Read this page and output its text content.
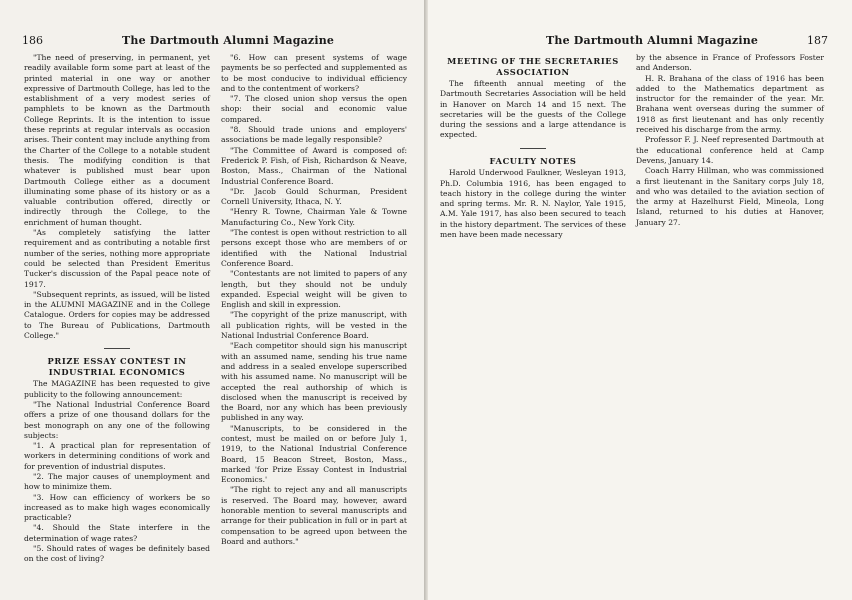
186	The Dartmouth Alumni Magazine

"The need of preserving, in permanent, yet readily available form some part at least of the printed material in one way or another expressive of Dartmouth College, has led to the establishment of a very modest series of pamphlets to be known as the Dartmouth College Reprints. It is the intention to issue these reprints at regular intervals as occasion arises. Their content may include anything from the Charter of the College to a notable student thesis. The modifying condition is that whatever is published must bear upon Dartmouth College either as a document illuminating some phase of its history or as a valuable contribution offered, directly or indirectly through the College, to the enrichment of human thought.

"As completely satisfying the latter requirement and as contributing a notable first number of the series, nothing more appropriate could be selected than President Emeritus Tucker's discussion of the Papal peace note of 1917.

"Subsequent reprints, as issued, will be listed in the ALUMNI MAGAZINE and in the College Catalogue. Orders for copies may be addressed to The Bureau of Publications, Dartmouth College."

PRIZE ESSAY CONTEST IN INDUSTRIAL ECONOMICS

The MAGAZINE has been requested to give publicity to the following announcement:

"The National Industrial Conference Board offers a prize of one thousand dollars for the best monograph on any one of the following subjects:

"1. A practical plan for representation of workers in determining conditions of work and for prevention of industrial disputes.

"2. The major causes of unemployment and how to minimize them.

"3. How can efficiency of workers be so increased as to make high wages economically practicable?

"4. Should the State interfere in the determination of wage rates?

"5. Should rates of wages be definitely based on the cost of living?

"6. How can present systems of wage payments be so perfected and supplemented as to be most conducive to individual efficiency and to the contentment of workers?

"7. The closed union shop versus the open shop: their social and economic value compared.

"8. Should trade unions and employers' associations be made legally responsible?

"The Committee of Award is composed of: Frederick P. Fish, of Fish, Richardson & Neave, Boston, Mass., Chairman of the National Industrial Conference Board.

"Dr. Jacob Gould Schurman, President Cornell University, Ithaca, N. Y.

"Henry R. Towne, Chairman Yale & Towne Manufacturing Co., New York City.

"The contest is open without restriction to all persons except those who are members of or identified with the National Industrial Conference Board.

"Contestants are not limited to papers of any length, but they should not be unduly expanded. Especial weight will be given to English and skill in expression.

"The copyright of the prize manuscript, with all publication rights, will be vested in the National Industrial Conference Board.

"Each competitor should sign his manuscript with an assumed name, sending his true name and address in a sealed envelope superscribed with his assumed name. No manuscript will be accepted the real authorship of which is disclosed when the manuscript is received by the Board, nor any which has been previously published in any way.

"Manuscripts, to be considered in the contest, must be mailed on or before July 1, 1919, to the National Industrial Conference Board, 15 Beacon Street, Boston, Mass., marked 'for Prize Essay Contest in Industrial Economics.'

"The right to reject any and all manuscripts is reserved. The Board may, however, award honorable mention to several manuscripts and arrange for their publication in full or in part at compensation to be agreed upon between the Board and authors."

The Dartmouth Alumni Magazine	187
MEETING OF THE SECRETARIES ASSOCIATION

The fifteenth annual meeting of the Dartmouth Secretaries Association will be held in Hanover on March 14 and 15 next. The secretaries will be the guests of the College during the sessions and a large attendance is expected.

FACULTY NOTES

Harold Underwood Faulkner, Wesleyan 1913, Ph.D. Columbia 1916, has been engaged to teach history in the college during the winter and spring terms. Mr. R. N. Naylor, Yale 1915, A.M. Yale 1917, has also been secured to teach in the history department. The services of these men have been made necessary

by the absence in France of Professors Foster and Anderson.

H. R. Brahana of the class of 1916 has been added to the Mathematics department as instructor for the remainder of the year. Mr. Brahana went overseas during the summer of 1918 as first lieutenant and has only recently received his discharge from the army.

Professor F. J. Neef represented Dartmouth at the educational conference held at Camp Devens, January 14.

Coach Harry Hillman, who was commissioned a first lieutenant in the Sanitary corps July 18, and who was detailed to the aviation section of the army at Hazelhurst Field, Mineola, Long Island, returned to his duties at Hanover, January 27.
